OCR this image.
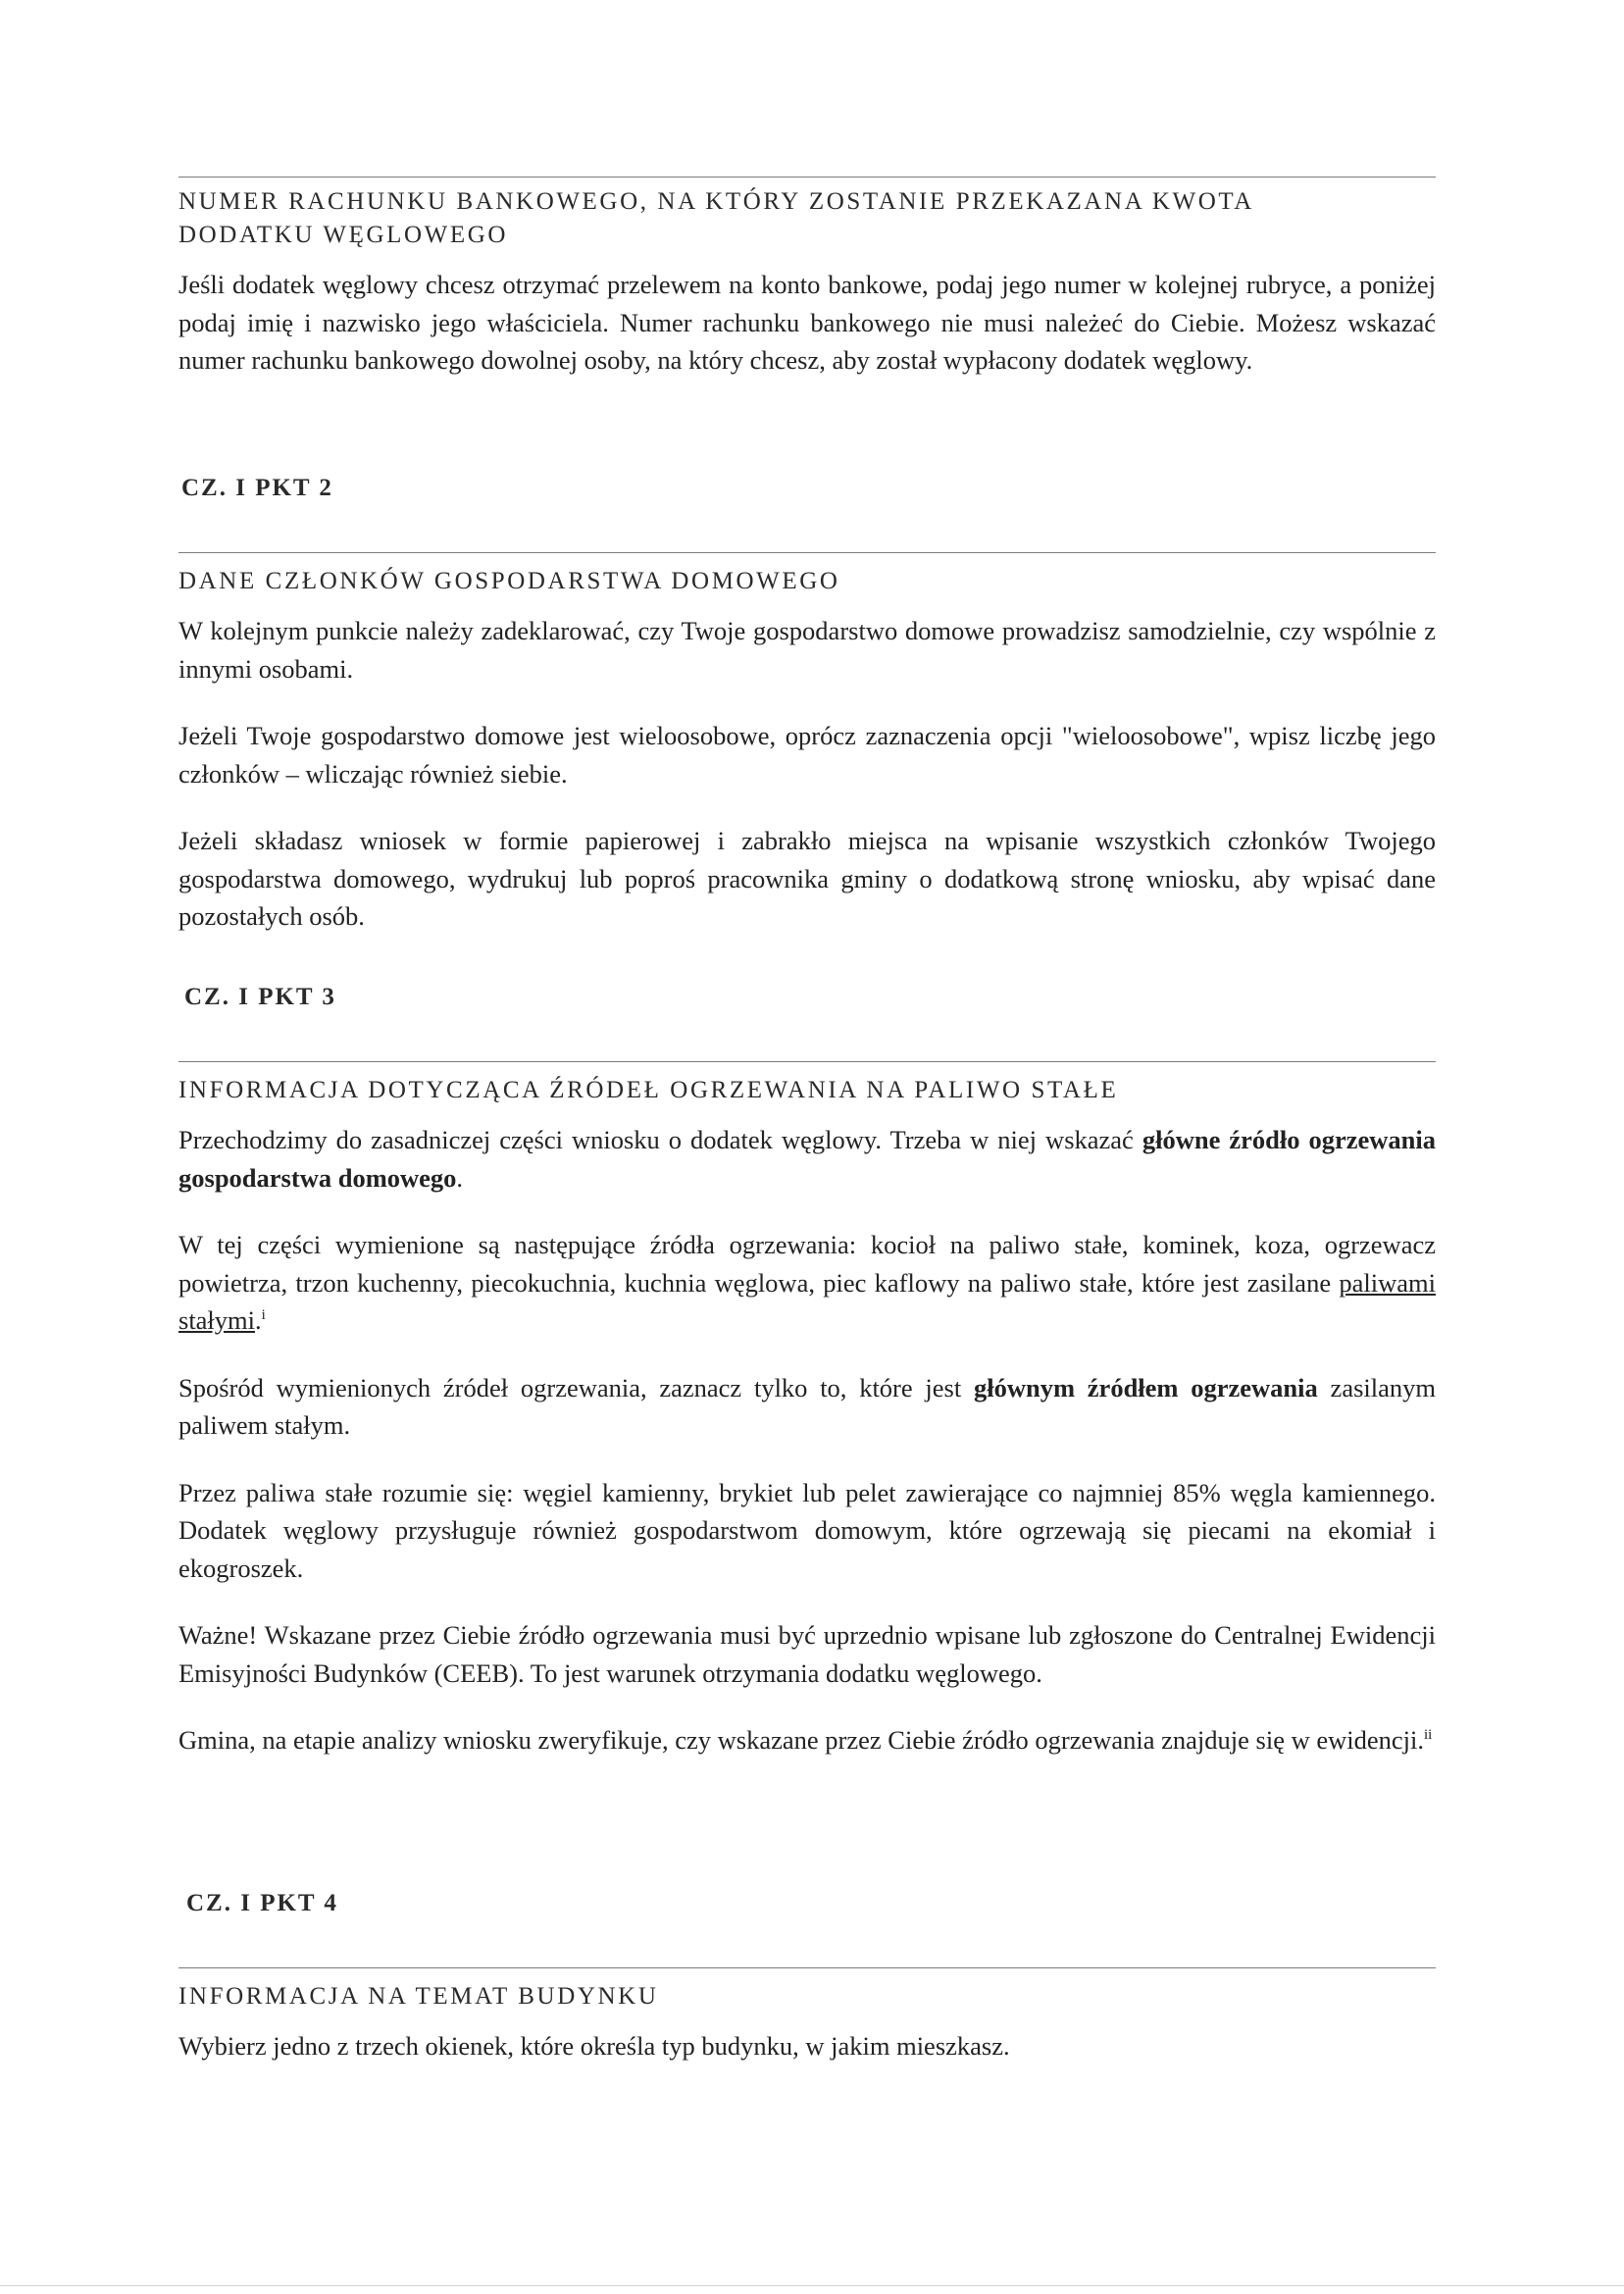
NUMER RACHUNKU BANKOWEGO, NA KTÓRY ZOSTANIE PRZEKAZANA KWOTA
DODATKU WĘGLOWEGO
Jeśli dodatek węglowy chcesz otrzymać przelewem na konto bankowe, podaj jego numer w kolejnej rubryce, a poniżej podaj imię i nazwisko jego właściciela. Numer rachunku bankowego nie musi należeć do Ciebie. Możesz wskazać numer rachunku bankowego dowolnej osoby, na który chcesz, aby został wypłacony dodatek węglowy.
CZ. I PKT 2
DANE CZŁONKÓW GOSPODARSTWA DOMOWEGO
W kolejnym punkcie należy zadeklarować, czy Twoje gospodarstwo domowe prowadzisz samodzielnie, czy wspólnie z innymi osobami.
Jeżeli Twoje gospodarstwo domowe jest wieloosobowe, oprócz zaznaczenia opcji "wieloosobowe", wpisz liczbę jego członków – wliczając również siebie.
Jeżeli składasz wniosek w formie papierowej i zabrakło miejsca na wpisanie wszystkich członków Twojego gospodarstwa domowego, wydrukuj lub poproś pracownika gminy o dodatkową stronę wniosku, aby wpisać dane pozostałych osób.
CZ. I PKT 3
INFORMACJA DOTYCZĄCA ŹRÓDEŁ OGRZEWANIA NA PALIWO STAŁE
Przechodzimy do zasadniczej części wniosku o dodatek węglowy. Trzeba w niej wskazać główne źródło ogrzewania gospodarstwa domowego.
W tej części wymienione są następujące źródła ogrzewania: kocioł na paliwo stałe, kominek, koza, ogrzewacz powietrza, trzon kuchenny, piecokuchnia, kuchnia węglowa, piec kaflowy na paliwo stałe, które jest zasilane paliwami stałymi.$^i$
Spośród wymienionych źródeł ogrzewania, zaznacz tylko to, które jest głównym źródłem ogrzewania zasilanym paliwem stałym.
Przez paliwa stałe rozumie się: węgiel kamienny, brykiet lub pelet zawierające co najmniej 85% węgla kamiennego. Dodatek węglowy przysługuje również gospodarstwom domowym, które ogrzewają się piecami na ekomiał i ekogroszek.
Ważne! Wskazane przez Ciebie źródło ogrzewania musi być uprzednio wpisane lub zgłoszone do Centralnej Ewidencji Emisyjności Budynków (CEEB). To jest warunek otrzymania dodatku węglowego.
Gmina, na etapie analizy wniosku zweryfikuje, czy wskazane przez Ciebie źródło ogrzewania znajduje się w ewidencji.$^{ii}$
CZ. I PKT 4
INFORMACJA NA TEMAT BUDYNKU
Wybierz jedno z trzech okienek, które określa typ budynku, w jakim mieszkasz.
